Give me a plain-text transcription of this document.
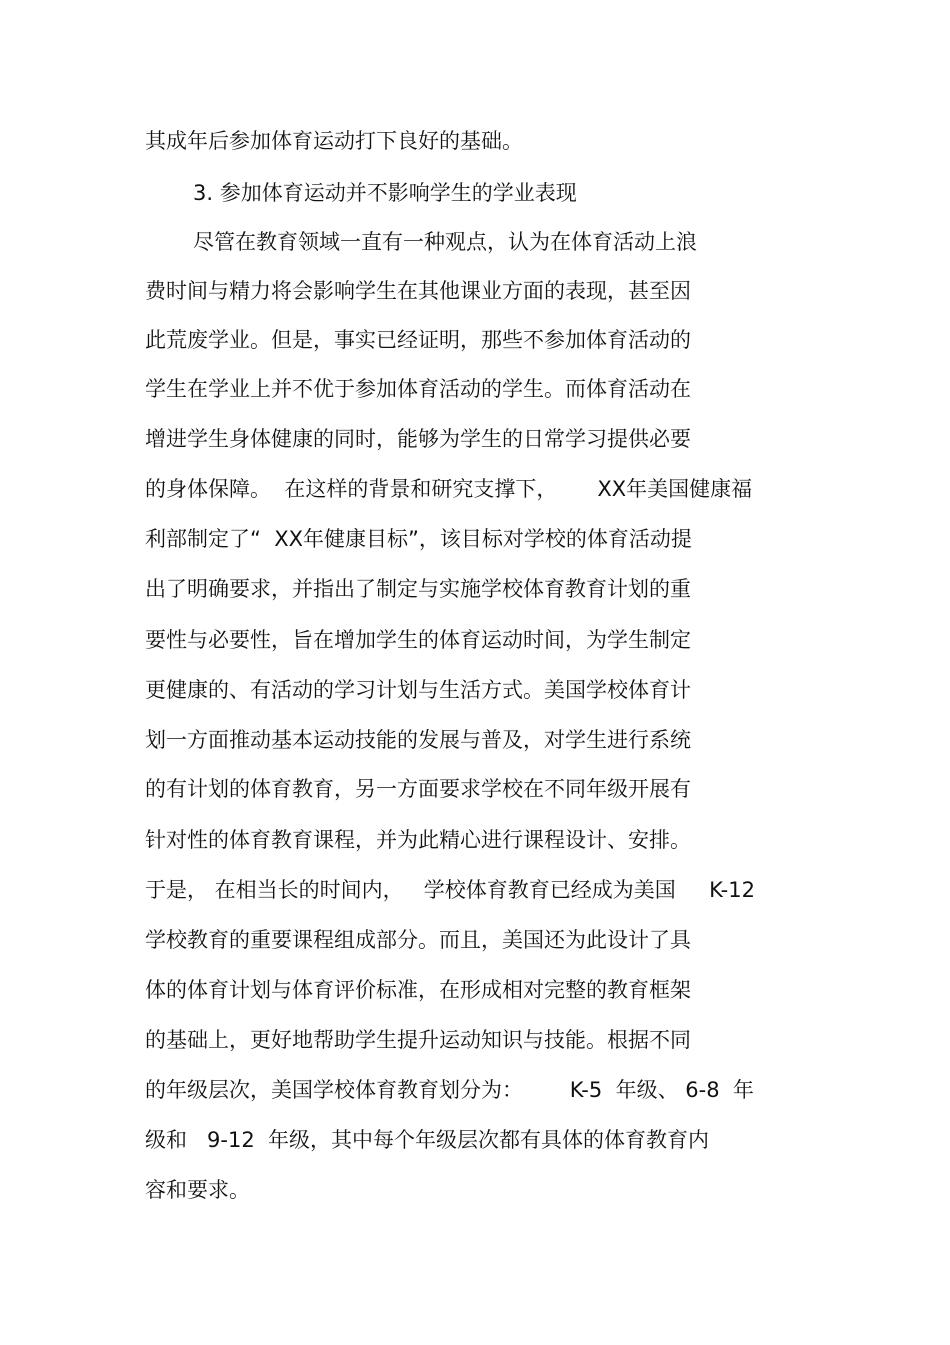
其成年后参加体育运动打下良好的基础。
3. 参加体育运动并不影响学生的学业表现
尽管在教育领域一直有一种观点，认为在体育活动上浪
费时间与精力将会影响学生在其他课业方面的表现，甚至因
此荒废学业。但是，事实已经证明，那些不参加体育活动的
学生在学业上并不优于参加体育活动的学生。而体育活动在
增进学生身体健康的同时，能够为学生的日常学习提供必要
的身体保障。  在这样的背景和研究支撑下，      XX年美国健康福
利部制定了“  XX年健康目标”，该目标对学校的体育活动提
出了明确要求，并指出了制定与实施学校体育教育计划的重
要性与必要性，旨在增加学生的体育运动时间，为学生制定
更健康的、有活动的学习计划与生活方式。美国学校体育计
划一方面推动基本运动技能的发展与普及，对学生进行系统
的有计划的体育教育，另一方面要求学校在不同年级开展有
针对性的体育教育课程，并为此精心进行课程设计、安排。
于是， 在相当长的时间内，   学校体育教育已经成为美国     K-12
学校教育的重要课程组成部分。而且，美国还为此设计了具
体的体育计划与体育评价标准，在形成相对完整的教育框架
的基础上，更好地帮助学生提升运动知识与技能。根据不同
的年级层次，美国学校体育教育划分为：       K-5  年级、 6-8  年
级和   9-12  年级，其中每个年级层次都有具体的体育教育内
容和要求。
